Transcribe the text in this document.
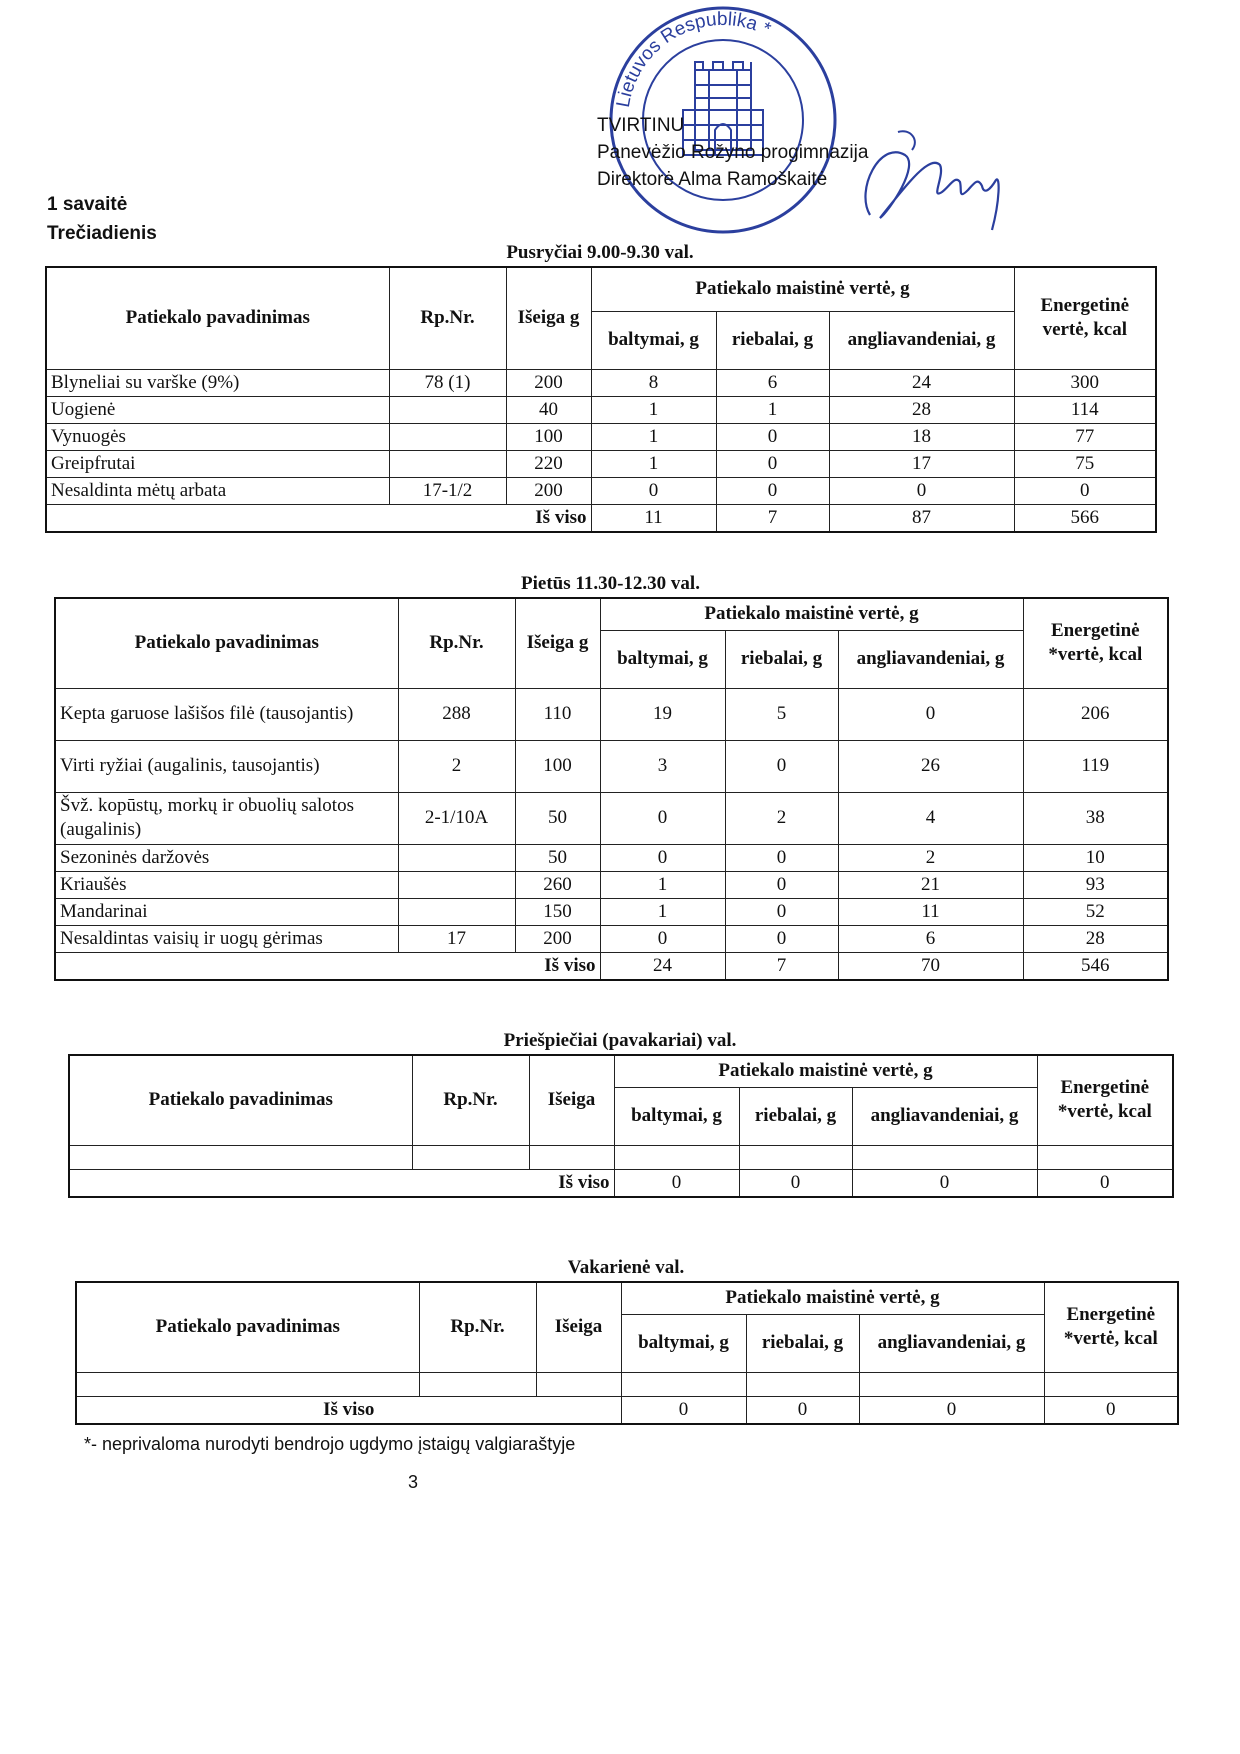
Lietuvos Respublika *
TVIRTINU
Panevėžio Rožyno progimnazija
Direktorė Alma Ramoškaitė
1 savaitė
Trečiadienis
Pusryčiai 9.00-9.30 val.
Patiekalo pavadinimas	Rp.Nr.	Išeiga g	Patiekalo maistinė vertė, g			Energetinė vertė, kcal
			baltymai, g	riebalai, g	angliavandeniai, g	
Blyneliai su varške (9%)	78 (1)	200	8	6	24	300
Uogienė		40	1	1	28	114
Vynuogės		100	1	0	18	77
Greipfrutai		220	1	0	17	75
Nesaldinta mėtų arbata	17-1/2	200	0	0	0	0
Iš viso			11	7	87	566
Pietūs 11.30-12.30 val.
Patiekalo pavadinimas	Rp.Nr.	Išeiga g	Patiekalo maistinė vertė, g			Energetinė *vertė, kcal
			baltymai, g	riebalai, g	angliavandeniai, g	
Kepta garuose lašišos filė (tausojantis)	288	110	19	5	0	206
Virti ryžiai (augalinis, tausojantis)	2	100	3	0	26	119
Švž. kopūstų, morkų ir obuolių salotos (augalinis)	2-1/10A	50	0	2	4	38
Sezoninės daržovės		50	0	0	2	10
Kriaušės		260	1	0	21	93
Mandarinai		150	1	0	11	52
Nesaldintas vaisių ir uogų gėrimas	17	200	0	0	6	28
Iš viso			24	7	70	546
Priešpiečiai (pavakariai) val.
Patiekalo pavadinimas	Rp.Nr.	Išeiga	Patiekalo maistinė vertė, g			Energetinė *vertė, kcal
			baltymai, g	riebalai, g	angliavandeniai, g	

Iš viso			0	0	0	0
Vakarienė val.
Patiekalo pavadinimas	Rp.Nr.	Išeiga	Patiekalo maistinė vertė, g			Energetinė *vertė, kcal
			baltymai, g	riebalai, g	angliavandeniai, g	

Iš viso			0	0	0	0
*- neprivaloma nurodyti bendrojo ugdymo įstaigų valgiaraštyje
3
